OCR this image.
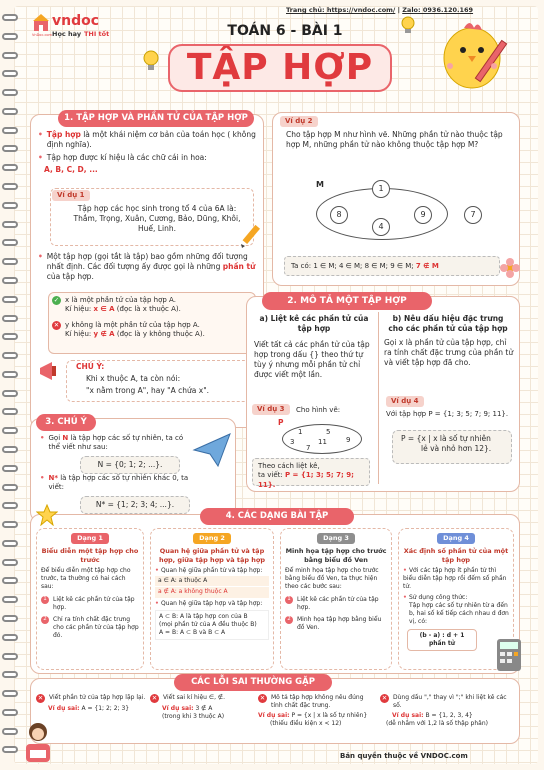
vndoc
Học hay THI tốt
VnDoc.com
Trang chủ: https://vndoc.com/ | Zalo: 0936.120.169
TOÁN 6 - BÀI 1
TẬP HỢP
1. TẬP HỢP VÀ PHẦN TỬ CỦA TẬP HỢP
• Tập hợp là một khái niệm cơ bản của toán học ( không định nghĩa).
• Tập hợp được kí hiệu là các chữ cái in hoa:
A, B, C, D, ...
Ví dụ 1
Tập hợp các học sinh trong tổ 4 của 6A là: Thắm, Trọng, Xuân, Cương, Bảo, Dũng, Khôi, Huế, Linh.
• Một tập hợp (gọi tắt là tập) bao gồm những đối tượng nhất định. Các đối tượng ấy được gọi là những phần tử của tập hợp.
✓ x là một phần tử của tập hợp A.
Kí hiệu: x ∈ A (đọc là x thuộc A).
✕ y không là một phần tử của tập hợp A.
Kí hiệu: y ∉ A (đọc là y không thuộc A).
CHÚ Ý:
Khi x thuộc A, ta còn nói:
"x nằm trong A", hay "A chứa x".
Ví dụ 2
Cho tập hợp M như hình vẽ. Những phần tử nào thuộc tập hợp M, những phần tử nào không thuộc tập hợp M?
M	1
8
4
9	7
Ta có: 1 ∈ M; 4 ∈ M; 8 ∈ M; 9 ∈ M; 7 ∉ M
2. MÔ TẢ MỘT TẬP HỢP
a) Liệt kê các phần tử của tập hợp
Viết tất cả các phần tử của tập hợp trong dấu {} theo thứ tự tùy ý nhưng mỗi phần tử chỉ được viết một lần.
b) Nêu dấu hiệu đặc trưng cho các phần tử của tập hợp
Gọi x là phần tử của tập hợp, chỉ ra tính chất đặc trưng của phần tử và viết tập hợp đã cho.
Ví dụ 3	Cho hình vẽ:
P
1
3
5
7
9
11
Theo cách liệt kê,
ta viết: P = {1; 3; 5; 7; 9; 11}.
Ví dụ 4
Với tập hợp P = {1; 3; 5; 7; 9; 11}.
P = {x | x là số tự nhiên
lẻ và nhỏ hơn 12}.
3. CHÚ Ý
• Gọi N là tập hợp các số tự nhiên, ta có thể viết như sau:
N = {0; 1; 2; ...}.
• N* là tập hợp các số tự nhiên khác 0, ta viết:
N* = {1; 2; 3; 4; ...}.
4. CÁC DẠNG BÀI TẬP
Dạng 1
Biểu diễn một tập hợp cho trước
Để biểu diễn một tập hợp cho trước, ta thường có hai cách sau:
1	Liệt kê các phần tử của tập hợp.
2	Chỉ ra tính chất đặc trưng cho các phần tử của tập hợp đó.
Dạng 2
Quan hệ giữa phần tử và tập hợp, giữa tập hợp và tập hợp
• Quan hệ giữa phần tử và tập hợp:
a ∈ A: a thuộc A
a ∉ A: a không thuộc A
• Quan hệ giữa tập hợp và tập hợp:
A ⊂ B: A là tập hợp con của B
(mọi phần tử của A đều thuộc B)
A = B: A ⊂ B và B ⊂ A
Dạng 3
Minh họa tập hợp cho trước bằng biểu đồ Ven
Để minh họa tập hợp cho trước bằng biểu đồ Ven, ta thực hiện theo các bước sau:
1	Liệt kê các phần tử của tập hợp.
2	Minh họa tập hợp bằng biểu đồ Ven.
Dạng 4
Xác định số phần tử của một tập hợp
• Với các tập hợp ít phần tử thì biểu diễn tập hợp rồi đếm số phần tử.
• Sử dụng công thức:
Tập hợp các số tự nhiên từ a đến b, hai số kế tiếp cách nhau d đơn vị, có:
(b - a) : d + 1
phần tử
CÁC LỖI SAI THƯỜNG GẶP
✕ Viết phần tử của tập hợp lặp lại.
Ví dụ sai: A = {1; 2; 2; 3}
✕ Viết sai kí hiệu ∈, ∉.
Ví dụ sai: 3 ∉ A
(trong khi 3 thuộc A)
✕ Mô tả tập hợp không nêu đúng tính chất đặc trưng.
Ví dụ sai: P = {x | x là số tự nhiên}
(thiếu điều kiện x < 12)
✕ Dùng dấu "," thay vì ";" khi liệt kê các số.
Ví dụ sai: B = {1, 2, 3, 4}
(dễ nhầm với 1,2 là số thập phân)
Bản quyền thuộc về VNDOC.com
